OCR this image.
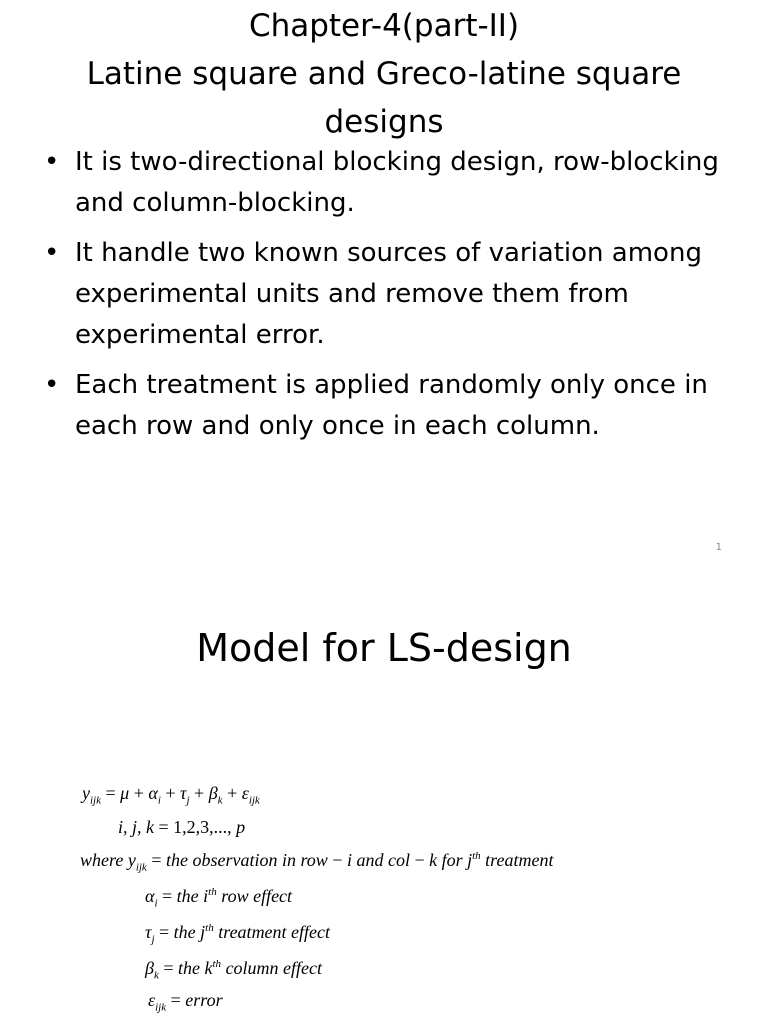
Chapter-4(part-II)
Latine square and Greco-latine square
designs
• It is two-directional blocking design, row-blocking and column-blocking.
• It handle two known sources of variation among experimental units and remove them from experimental error.
• Each treatment is applied randomly only once in each row and only once in each column.
1
Model for LS-design
$y_{ijk} = \mu + \alpha_i + \tau_j + \beta_k + \varepsilon_{ijk}$
i, j, k = 1,2,3,..., p
where $y_{ijk}$ = the observation in row − i and col − k for $j^{th}$ treatment
$\alpha_i$ = the $i^{th}$ row effect
$\tau_j$ = the $j^{th}$ treatment effect
$\beta_k$ = the $k^{th}$ column effect
$\varepsilon_{ijk}$ = error
